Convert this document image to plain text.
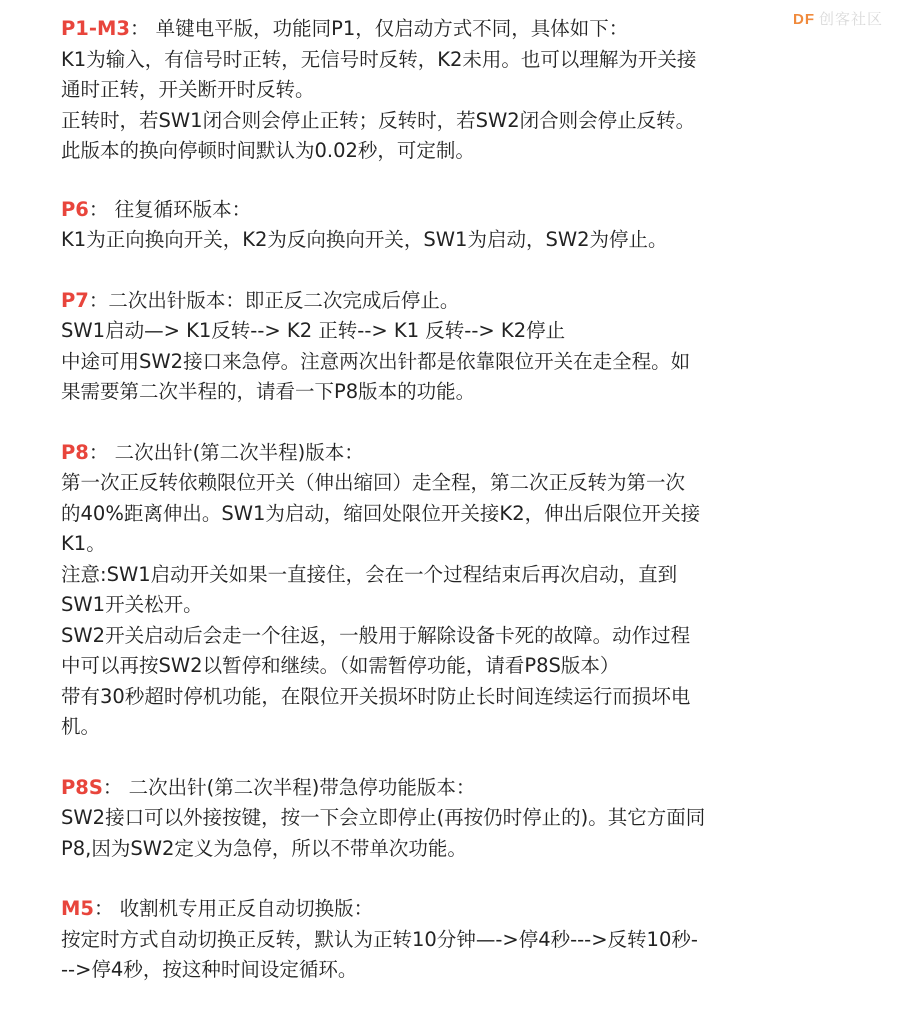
DF 创客社区
P1-M3： 单键电平版，功能同P1，仅启动方式不同，具体如下：
K1为输入，有信号时正转，无信号时反转，K2未用。也可以理解为开关接
通时正转，开关断开时反转。
正转时，若SW1闭合则会停止正转；反转时，若SW2闭合则会停止反转。
此版本的换向停顿时间默认为0.02秒，可定制。
P6： 往复循环版本：
K1为正向换向开关，K2为反向换向开关，SW1为启动，SW2为停止。
P7：二次出针版本：即正反二次完成后停止。
SW1启动—> K1反转--> K2 正转--> K1 反转--> K2停止
中途可用SW2接口来急停。注意两次出针都是依靠限位开关在走全程。如
果需要第二次半程的，请看一下P8版本的功能。
P8： 二次出针(第二次半程)版本：
第一次正反转依赖限位开关（伸出缩回）走全程，第二次正反转为第一次
的40%距离伸出。SW1为启动，缩回处限位开关接K2，伸出后限位开关接
K1。
注意:SW1启动开关如果一直接住，会在一个过程结束后再次启动，直到
SW1开关松开。
SW2开关启动后会走一个往返，一般用于解除设备卡死的故障。动作过程
中可以再按SW2以暂停和继续。（如需暂停功能，请看P8S版本）
带有30秒超时停机功能，在限位开关损坏时防止长时间连续运行而损坏电
机。
P8S： 二次出针(第二次半程)带急停功能版本：
SW2接口可以外接按键，按一下会立即停止(再按仍时停止的)。其它方面同
P8,因为SW2定义为急停，所以不带单次功能。
M5： 收割机专用正反自动切换版：
按定时方式自动切换正反转，默认为正转10分钟—->停4秒--->反转10秒-
-->停4秒，按这种时间设定循环。
